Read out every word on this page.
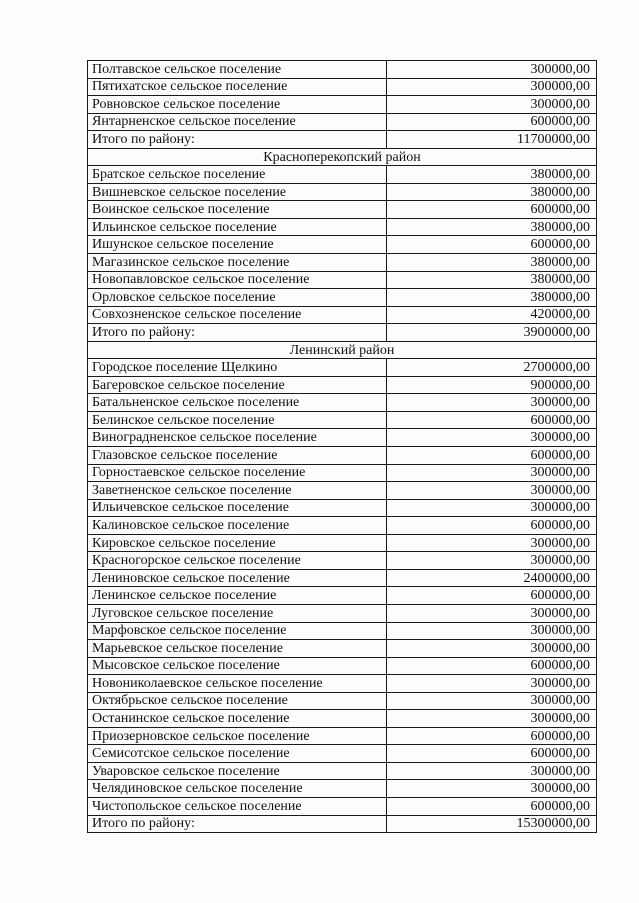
Полтавское сельское поселение	300000,00
Пятихатское сельское поселение	300000,00
Ровновское сельское поселение	300000,00
Янтарненское сельское поселение	600000,00
Итого по району:	11700000,00
Красноперекопский район	
Братское сельское поселение	380000,00
Вишневское сельское поселение	380000,00
Воинское сельское поселение	600000,00
Ильинское сельское поселение	380000,00
Ишунское сельское поселение	600000,00
Магазинское сельское поселение	380000,00
Новопавловское сельское поселение	380000,00
Орловское сельское поселение	380000,00
Совхозненское сельское поселение	420000,00
Итого по району:	3900000,00
Ленинский район	
Городское поселение Щелкино	2700000,00
Багеровское сельское поселение	900000,00
Батальненское сельское поселение	300000,00
Белинское сельское поселение	600000,00
Виноградненское сельское поселение	300000,00
Глазовское сельское поселение	600000,00
Горностаевское сельское поселение	300000,00
Заветненское сельское поселение	300000,00
Ильичевское сельское поселение	300000,00
Калиновское сельское поселение	600000,00
Кировское сельское поселение	300000,00
Красногорское сельское поселение	300000,00
Лениновское сельское поселение	2400000,00
Ленинское сельское поселение	600000,00
Луговское сельское поселение	300000,00
Марфовское сельское поселение	300000,00
Марьевское сельское поселение	300000,00
Мысовское сельское поселение	600000,00
Новониколаевское сельское поселение	300000,00
Октябрьское сельское поселение	300000,00
Останинское сельское поселение	300000,00
Приозерновское сельское поселение	600000,00
Семисотское сельское поселение	600000,00
Уваровское сельское поселение	300000,00
Челядиновское сельское поселение	300000,00
Чистопольское сельское поселение	600000,00
Итого по району:	15300000,00
